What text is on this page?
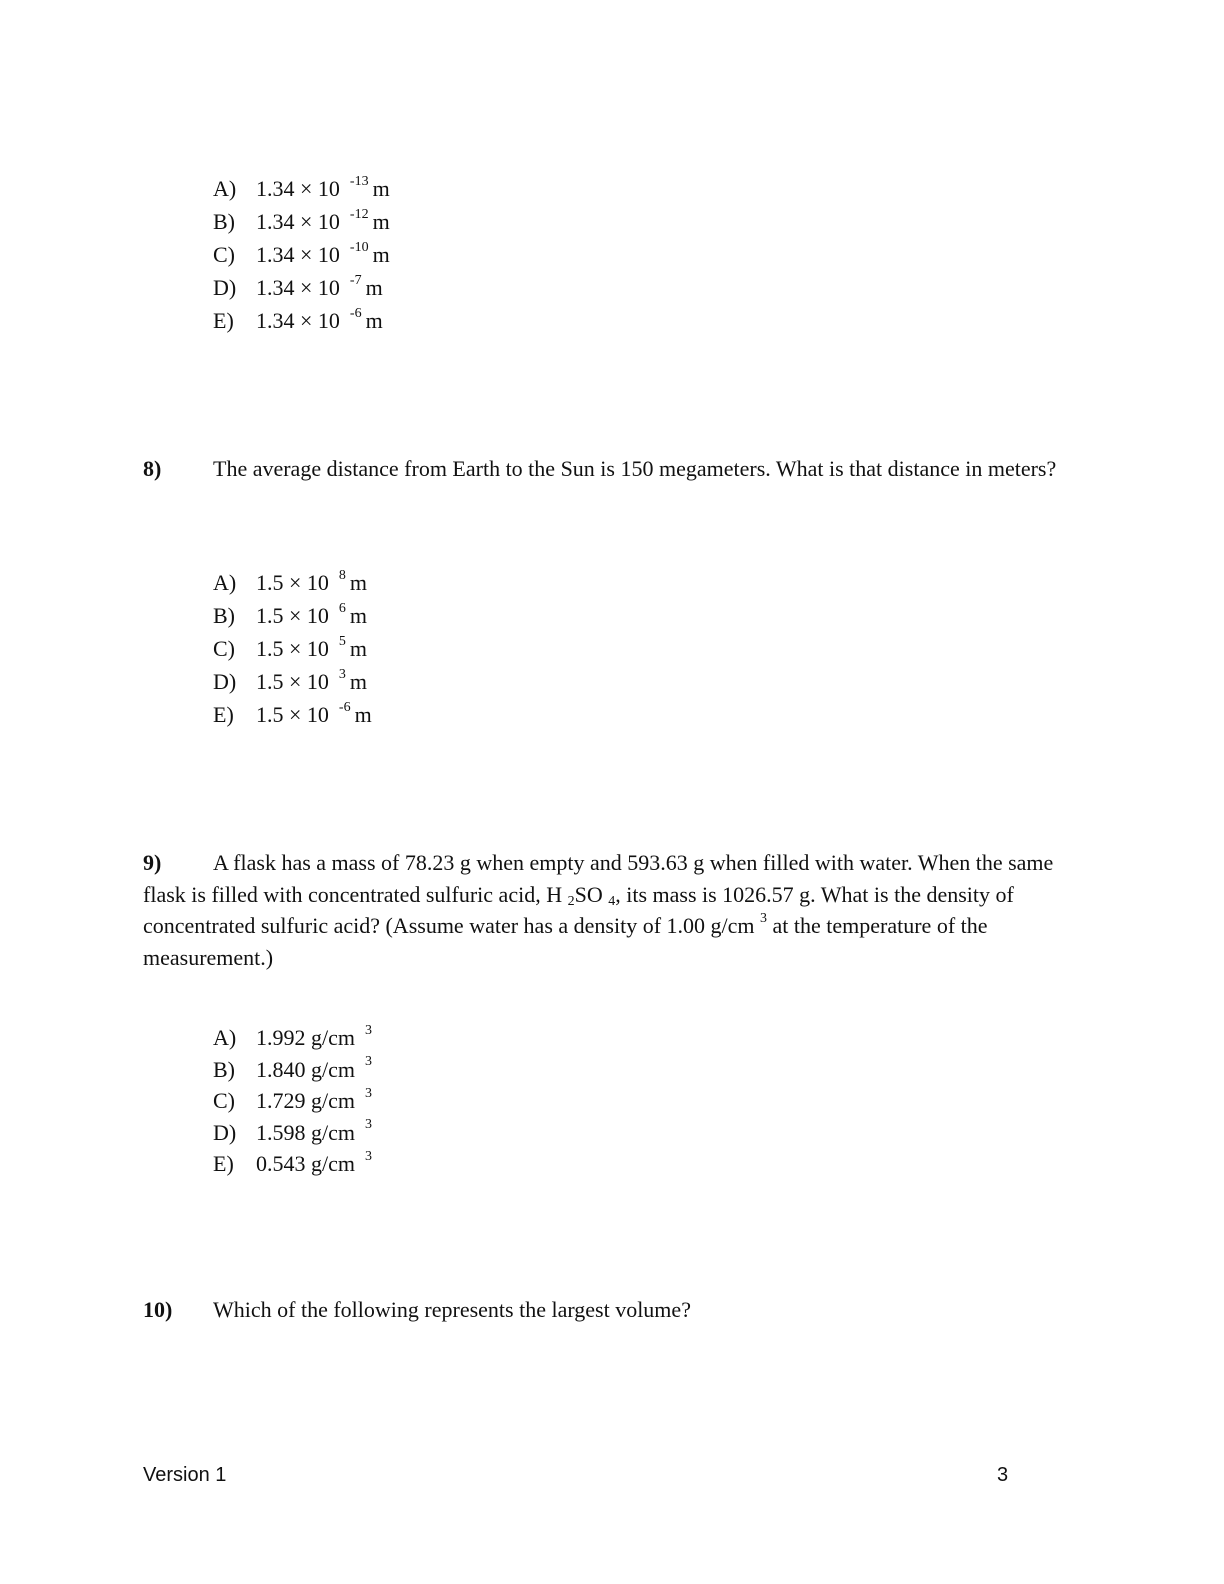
A) 1.34 × 10 $^{-13}$ m
B) 1.34 × 10 $^{-12}$ m
C) 1.34 × 10 $^{-10}$ m
D) 1.34 × 10 $^{-7}$ m
E) 1.34 × 10 $^{-6}$ m
8) The average distance from Earth to the Sun is 150 megameters. What is that distance in meters?
A) 1.5 × 10 $^8$ m
B) 1.5 × 10 $^6$ m
C) 1.5 × 10 $^5$ m
D) 1.5 × 10 $^3$ m
E) 1.5 × 10 $^{-6}$ m
9) A flask has a mass of 78.23 g when empty and 593.63 g when filled with water. When the same flask is filled with concentrated sulfuric acid, H 2SO 4, its mass is 1026.57 g. What is the density of concentrated sulfuric acid? (Assume water has a density of 1.00 g/cm $^3$ at the temperature of the measurement.)
A) 1.992 g/cm $^3$
B) 1.840 g/cm $^3$
C) 1.729 g/cm $^3$
D) 1.598 g/cm $^3$
E) 0.543 g/cm $^3$
10) Which of the following represents the largest volume?
Version 1	3
